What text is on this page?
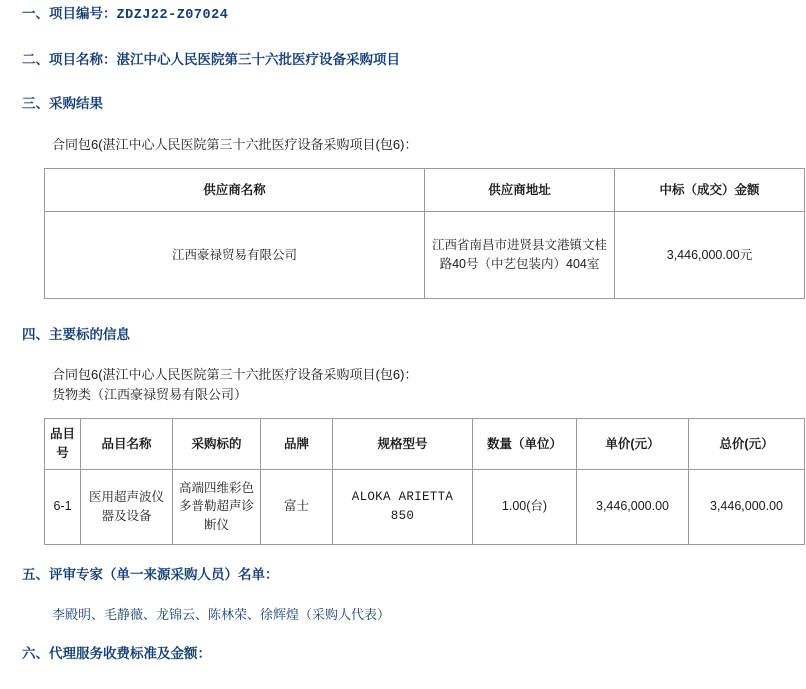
一、项目编号：ZDZJ22-Z07024
二、项目名称：湛江中心人民医院第三十六批医疗设备采购项目
三、采购结果
合同包6(湛江中心人民医院第三十六批医疗设备采购项目(包6)：
供应商名称	供应商地址	中标（成交）金额
江西豪禄贸易有限公司	江西省南昌市进贤县文港镇文桂路40号（中艺包装内）404室	3,446,000.00元
四、主要标的信息
合同包6(湛江中心人民医院第三十六批医疗设备采购项目(包6)：
货物类（江西豪禄贸易有限公司）
品目号	品目名称	采购标的	品牌	规格型号	数量（单位）	单价(元）	总价(元）
6-1	医用超声波仪器及设备	高端四维彩色多普勒超声诊断仪	富士	ALOKA ARIETTA 850	1.00(台)	3,446,000.00	3,446,000.00
五、评审专家（单一来源采购人员）名单：
李殿明、毛静薇、龙锦云、陈林荣、徐辉煌（采购人代表）
六、代理服务收费标准及金额：
